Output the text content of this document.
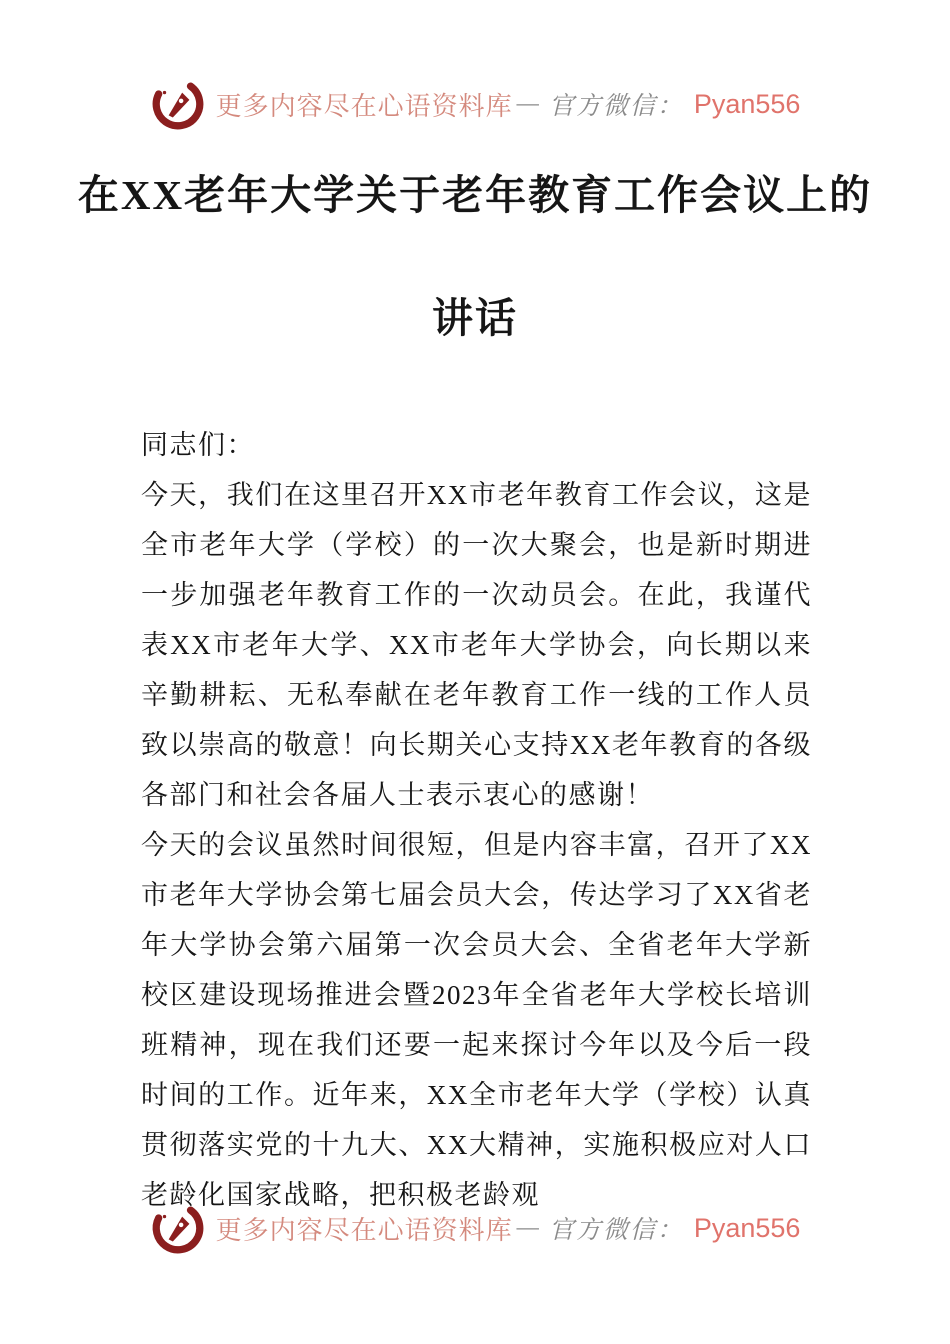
更多内容尽在心语资料库 — 官方微信： Pyan556
在XX老年大学关于老年教育工作会议上的
讲话

同志们：

今天，我们在这里召开XX市老年教育工作会议，这是全市老年大学（学校）的一次大聚会，也是新时期进一步加强老年教育工作的一次动员会。在此，我谨代表XX市老年大学、XX市老年大学协会，向长期以来辛勤耕耘、无私奉献在老年教育工作一线的工作人员致以崇高的敬意！向长期关心支持XX老年教育的各级各部门和社会各届人士表示衷心的感谢！

今天的会议虽然时间很短，但是内容丰富，召开了XX市老年大学协会第七届会员大会，传达学习了XX省老年大学协会第六届第一次会员大会、全省老年大学新校区建设现场推进会暨2023年全省老年大学校长培训班精神，现在我们还要一起来探讨今年以及今后一段时间的工作。近年来，XX全市老年大学（学校）认真贯彻落实党的十九大、XX大精神，实施积极应对人口老龄化国家战略，把积极老龄观

更多内容尽在心语资料库 — 官方微信： Pyan556
